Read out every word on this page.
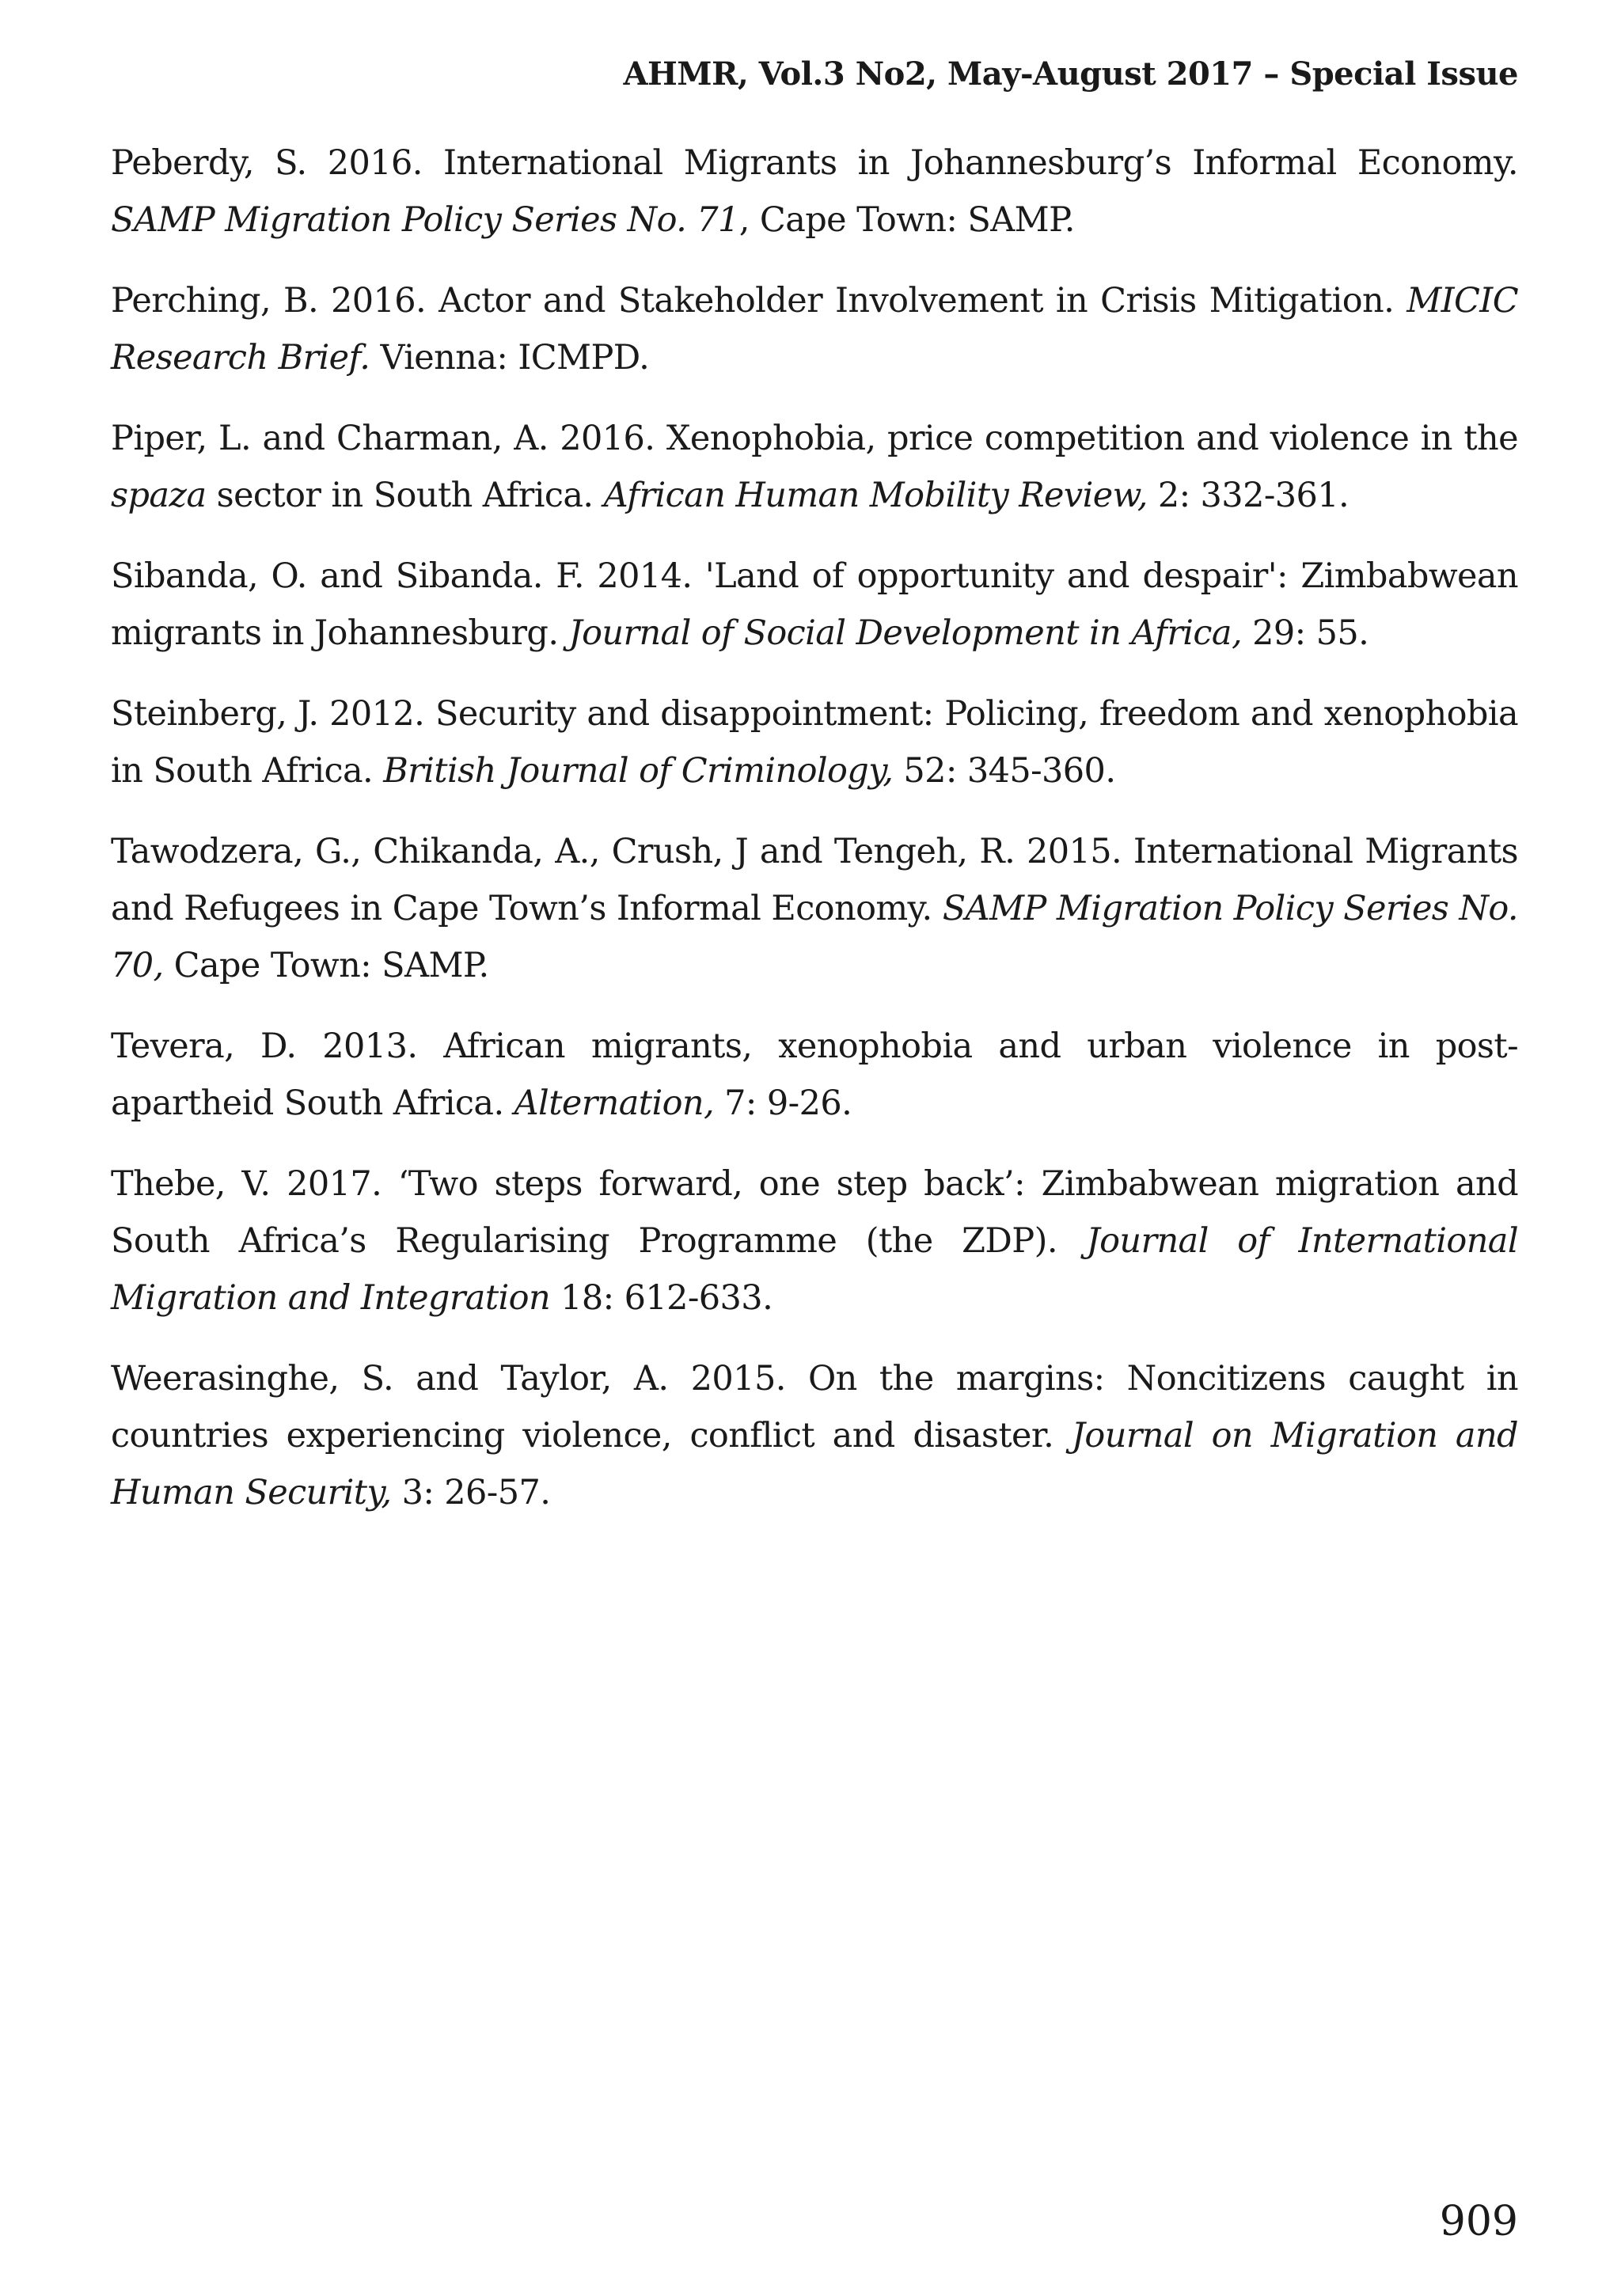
AHMR, Vol.3 No2, May-August 2017 – Special Issue

Peberdy, S. 2016. International Migrants in Johannesburg’s Informal Economy. SAMP Migration Policy Series No. 71, Cape Town: SAMP.

Perching, B. 2016. Actor and Stakeholder Involvement in Crisis Mitigation. MICIC Research Brief. Vienna: ICMPD.

Piper, L. and Charman, A. 2016. Xenophobia, price competition and violence in the spaza sector in South Africa. African Human Mobility Review, 2: 332-361.

Sibanda, O. and Sibanda. F. 2014. 'Land of opportunity and despair': Zimbabwean migrants in Johannesburg. Journal of Social Development in Africa, 29: 55.

Steinberg, J. 2012. Security and disappointment: Policing, freedom and xenophobia in South Africa. British Journal of Criminology, 52: 345-360.

Tawodzera, G., Chikanda, A., Crush, J and Tengeh, R. 2015. International Migrants and Refugees in Cape Town’s Informal Economy. SAMP Migration Policy Series No. 70, Cape Town: SAMP.

Tevera, D. 2013. African migrants, xenophobia and urban violence in post-apartheid South Africa. Alternation, 7: 9-26.

Thebe, V. 2017. ‘Two steps forward, one step back’: Zimbabwean migration and South Africa’s Regularising Programme (the ZDP). Journal of International Migration and Integration 18: 612-633.

Weerasinghe, S. and Taylor, A. 2015. On the margins: Noncitizens caught in countries experiencing violence, conflict and disaster. Journal on Migration and Human Security, 3: 26-57.

909
